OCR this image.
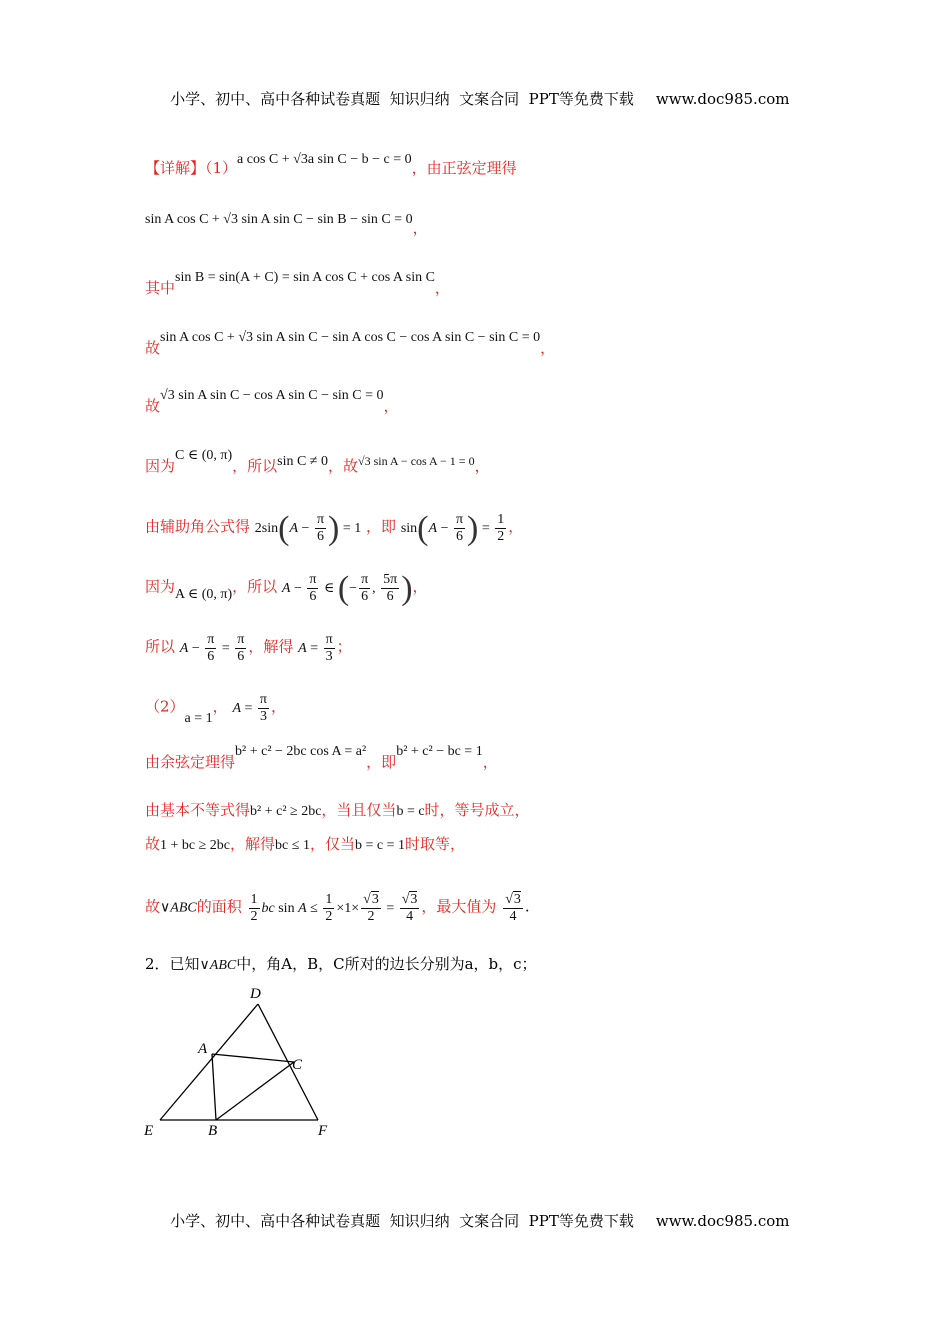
小学、初中、高中各种试卷真题  知识归纳  文案合同  PPT等免费下载 www.doc985.com

【详解】（1）a cos C + √3a sin C − b − c = 0，由正弦定理得
sin A cos C + √3 sin A sin C − sin B − sin C = 0，
其中sin B = sin(A + C) = sin A cos C + cos A sin C，
故sin A cos C + √3 sin A sin C − sin A cos C − cos A sin C − sin C = 0，
故√3 sin A sin C − cos A sin C − sin C = 0，
因为C ∈ (0, π)，所以sin C ≠ 0，故$^{√3 sin A - cos A - 1 = 0}$，
由辅助角公式得 $2\sin(A - \frac{\pi}{6}$ ) = 1 ，即 $\sin(A - \frac{\pi}{6}$ ) = $\frac{1}{2}$ ，
因为A ∈ (0, π)，所以 $A - \frac{\pi}{6}$ ∈ (− $\frac{\pi}{6}$ , $\frac{5\pi}{6}$ )，
所以 $A - \frac{\pi}{6} = \frac{\pi}{6}$ ，解得 $A = \frac{\pi}{3}$ ；
（2）a = 1， $A = \frac{\pi}{3}$ ，
由余弦定理得b² + c² − 2bc cos A = a²，即b² + c² − bc = 1，
由基本不等式得b² + c² ≥ 2bc，当且仅当b = c时，等号成立，
故1 + bc ≥ 2bc，解得bc ≤ 1，仅当b = c = 1时取等，
故∨ABC的面积 $\frac{1}{2}$ bc $\sin A \le \frac{1}{2} \times 1\times \frac{√3}{2} = \frac{√3}{4}$ ，最大值为 $\frac{√3}{4}$ .
2．已知∨ABC中，角A，B，C所对的边长分别为a，b，c；
D
A
C
E	B	F

小学、初中、高中各种试卷真题  知识归纳  文案合同  PPT等免费下载 www.doc985.com
